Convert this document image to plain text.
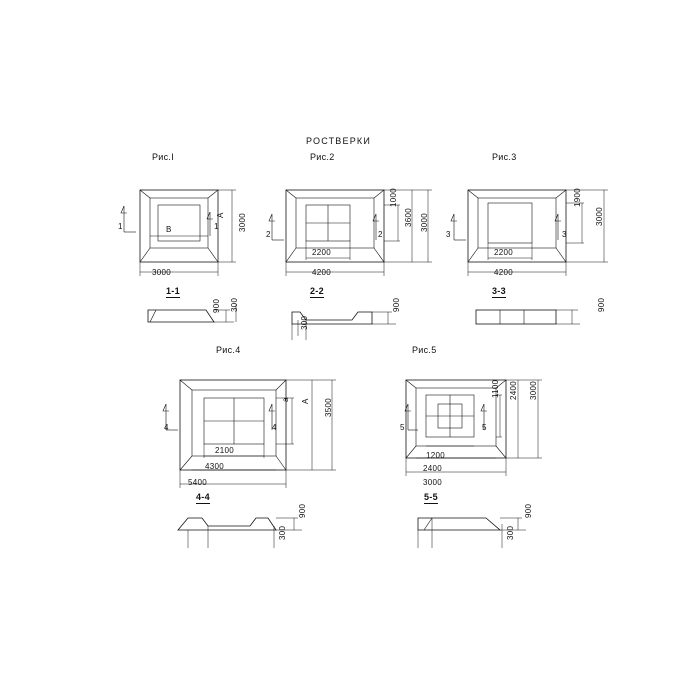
РОСТВЕРКИ
Рис.I
1	1
В
А 3000
3000
1-1
900 300
Рис.2
2	2
1000
3600 3000
2200
4200
2-2
900
300
Рис.3
3	3
1900
3000
2200
4200
3-3
900
Рис.4
4	4
а А 3500
2100
4300
5400
4-4
900
300
Рис.5
5	5
1100 2400 3000
1200
2400
3000
5-5
900
300
